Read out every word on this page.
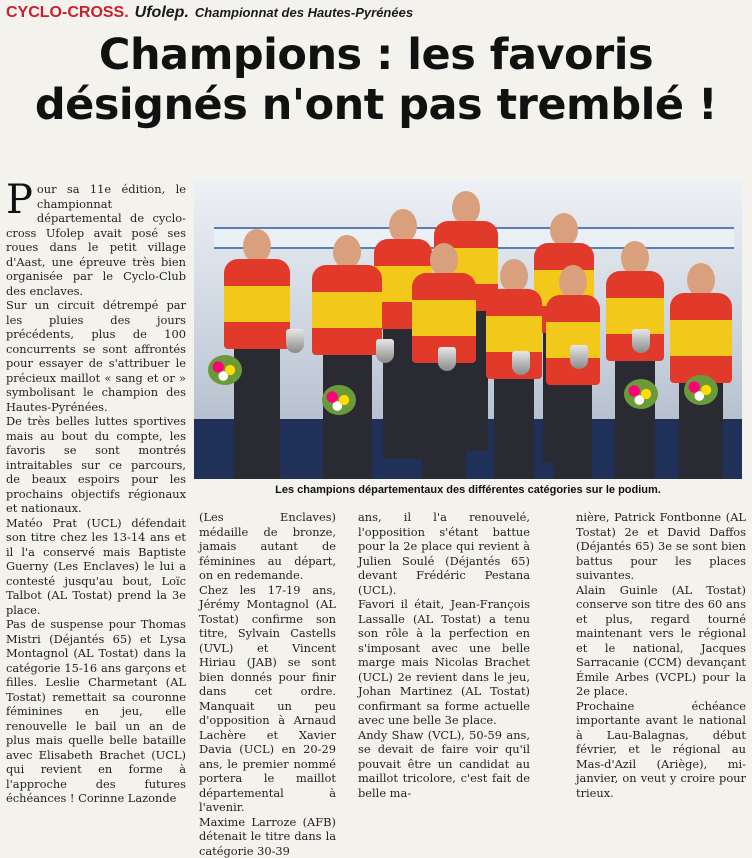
CYCLO-CROSS. Ufolep. Championnat des Hautes-Pyrénées
Champions : les favoris désignés n'ont pas tremblé !

Pour sa 11e édition, le championnat départemental de cyclo-cross Ufolep avait posé ses roues dans le petit village d'Aast, une épreuve très bien organisée par le Cyclo-Club des enclaves.

Sur un circuit détrempé par les pluies des jours précédents, plus de 100 concurrents se sont affrontés pour essayer de s'attribuer le précieux maillot « sang et or » symbolisant le champion des Hautes-Pyrénées.

De très belles luttes sportives mais au bout du compte, les favoris se sont montrés intraitables sur ce parcours, de beaux espoirs pour les prochains objectifs régionaux et nationaux.

Matéo Prat (UCL) défendait son titre chez les 13-14 ans et il l'a conservé mais Baptiste Guerny (Les Enclaves) le lui a contesté jusqu'au bout, Loïc Talbot (AL Tostat) prend la 3e place.

Pas de suspense pour Thomas Mistri (Déjantés 65) et Lysa Montagnol (AL Tostat) dans la catégorie 15-16 ans garçons et filles. Leslie Charmetant (AL Tostat) remettait sa couronne féminines en jeu, elle renouvelle le bail un an de plus mais quelle belle bataille avec Elisabeth Brachet (UCL) qui revient en forme à l'approche des futures échéances ! Corinne Lazonde

Les champions départementaux des différentes catégories sur le podium.

(Les Enclaves) médaille de bronze, jamais autant de féminines au départ, on en redemande.

Chez les 17-19 ans, Jérémy Montagnol (AL Tostat) confirme son titre, Sylvain Castells (UVL) et Vincent Hiriau (JAB) se sont bien donnés pour finir dans cet ordre. Manquait un peu d'opposition à Arnaud Lachère et Xavier Davia (UCL) en 20-29 ans, le premier nommé portera le maillot départemental à l'avenir.

Maxime Larroze (AFB) détenait le titre dans la catégorie 30-39

ans, il l'a renouvelé, l'opposition s'étant battue pour la 2e place qui revient à Julien Soulé (Déjantés 65) devant Frédéric Pestana (UCL).

Favori il était, Jean-François Lassalle (AL Tostat) a tenu son rôle à la perfection en s'imposant avec une belle marge mais Nicolas Brachet (UCL) 2e revient dans le jeu, Johan Martinez (AL Tostat) confirmant sa forme actuelle avec une belle 3e place.

Andy Shaw (VCL), 50-59 ans, se devait de faire voir qu'il pouvait être un candidat au maillot tricolore, c'est fait de belle ma-

nière, Patrick Fontbonne (AL Tostat) 2e et David Daffos (Déjantés 65) 3e se sont bien battus pour les places suivantes.

Alain Guinle (AL Tostat) conserve son titre des 60 ans et plus, regard tourné maintenant vers le régional et le national, Jacques Sarracanie (CCM) devançant Émile Arbes (VCPL) pour la 2e place.

Prochaine échéance importante avant le national à Lau-Balagnas, début février, et le régional au Mas-d'Azil (Ariège), mi-janvier, on veut y croire pour trieux.
